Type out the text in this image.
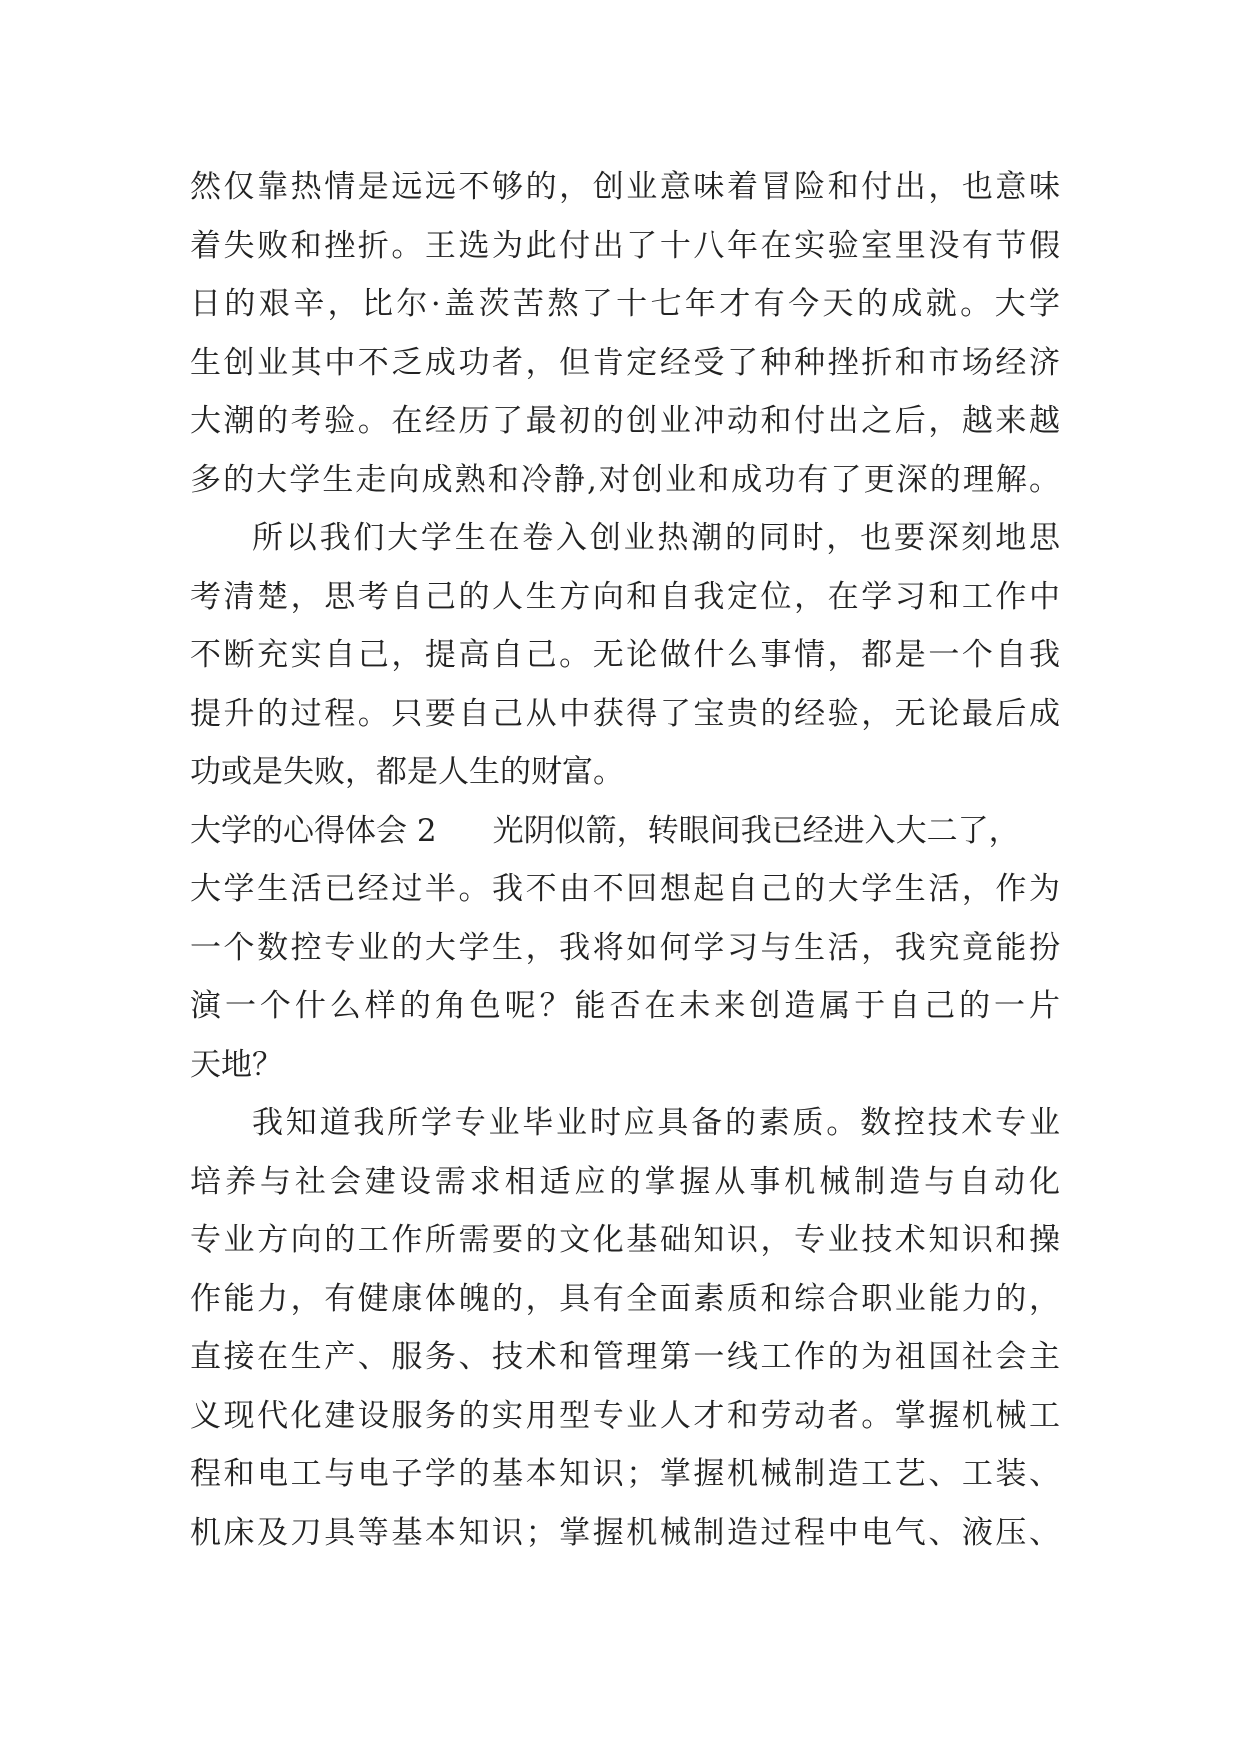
然仅靠热情是远远不够的，创业意味着冒险和付出，也意味
着失败和挫折。王选为此付出了十八年在实验室里没有节假
日的艰辛，比尔·盖茨苦熬了十七年才有今天的成就。大学
生创业其中不乏成功者，但肯定经受了种种挫折和市场经济
大潮的考验。在经历了最初的创业冲动和付出之后，越来越
多的大学生走向成熟和冷静,对创业和成功有了更深的理解。
所以我们大学生在卷入创业热潮的同时，也要深刻地思
考清楚，思考自己的人生方向和自我定位，在学习和工作中
不断充实自己，提高自己。无论做什么事情，都是一个自我
提升的过程。只要自己从中获得了宝贵的经验，无论最后成
功或是失败，都是人生的财富。
大学的心得体会 2 光阴似箭，转眼间我已经进入大二了，
大学生活已经过半。我不由不回想起自己的大学生活，作为
一个数控专业的大学生，我将如何学习与生活，我究竟能扮
演一个什么样的角色呢？能否在未来创造属于自己的一片
天地？
我知道我所学专业毕业时应具备的素质。数控技术专业
培养与社会建设需求相适应的掌握从事机械制造与自动化
专业方向的工作所需要的文化基础知识，专业技术知识和操
作能力，有健康体魄的，具有全面素质和综合职业能力的，
直接在生产、服务、技术和管理第一线工作的为祖国社会主
义现代化建设服务的实用型专业人才和劳动者。掌握机械工
程和电工与电子学的基本知识；掌握机械制造工艺、工装、
机床及刀具等基本知识；掌握机械制造过程中电气、液压、
